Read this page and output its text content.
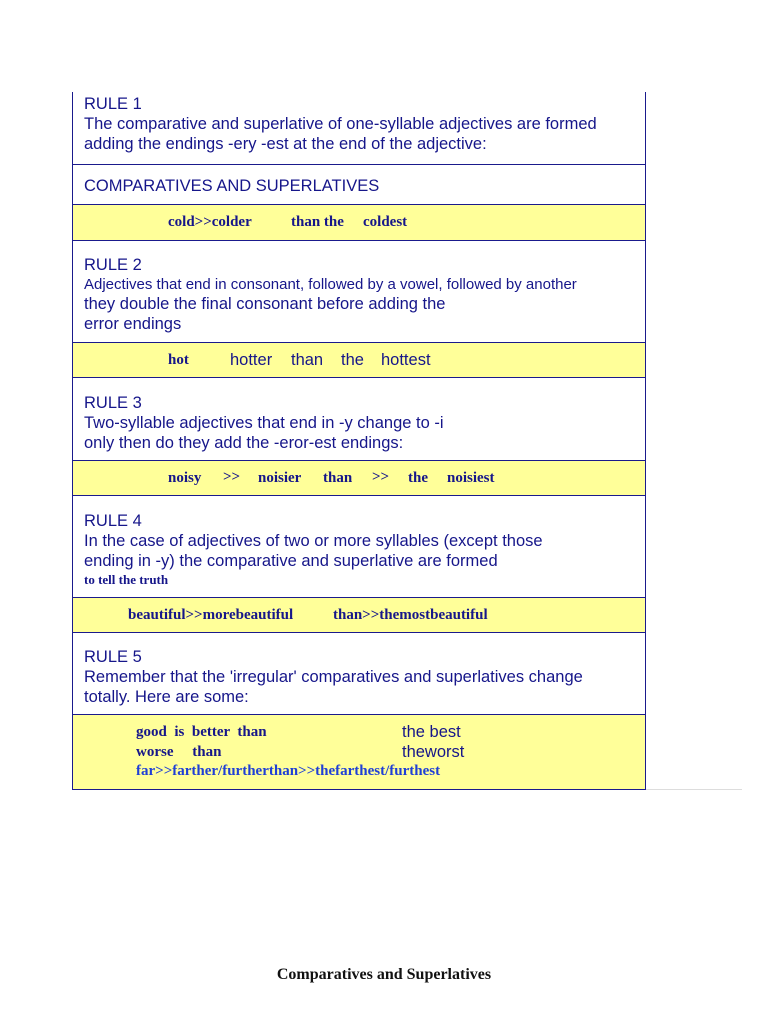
RULE 1
The comparative and superlative of one-syllable adjectives are formed
adding the endings -ery -est at the end of the adjective:
COMPARATIVES AND SUPERLATIVES
cold>>colder	than the coldest
RULE 2
Adjectives that end in consonant, followed by a vowel, followed by another
they double the final consonant before adding the
error endings
hot hotter than the hottest
RULE 3
Two-syllable adjectives that end in -y change to -i
only then do they add the -eror-est endings:
noisy >> noisier than >> the noisiest
RULE 4
In the case of adjectives of two or more syllables (except those
ending in -y) the comparative and superlative are formed
to tell the truth
beautiful>>morebeautiful	than>>themostbeautiful
RULE 5
Remember that the 'irregular' comparatives and superlatives change
totally. Here are some:
good  is  better  than	the best
worse     than	theworst
far>>farther/furtherthan>>thefarthest/furthest
Comparatives and Superlatives
